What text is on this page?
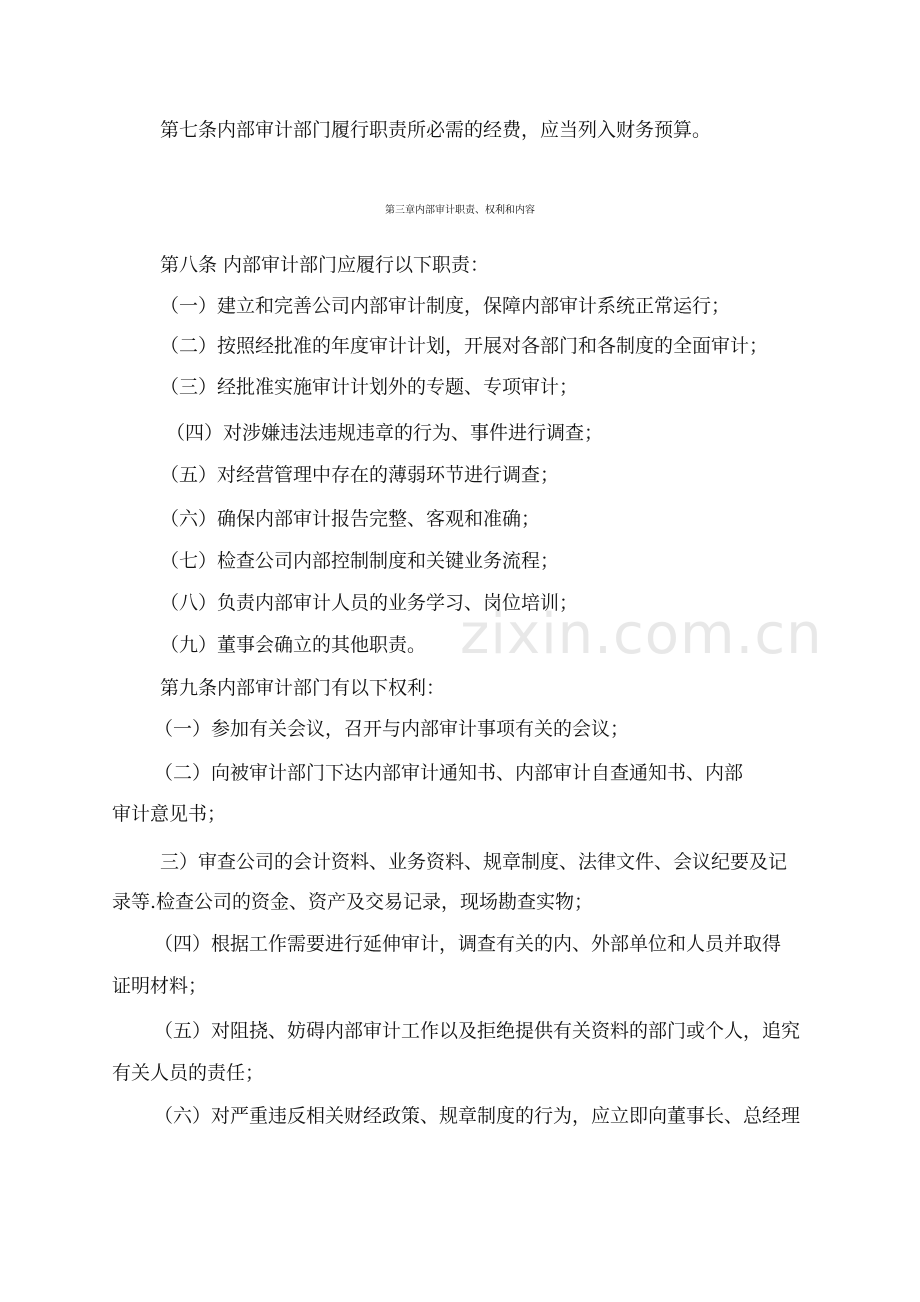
zixin.com.cn
第七条内部审计部门履行职责所必需的经费，应当列入财务预算。
第三章内部审计职责、权利和内容
第八条 内部审计部门应履行以下职责：
（一）建立和完善公司内部审计制度，保障内部审计系统正常运行；
（二）按照经批准的年度审计计划，开展对各部门和各制度的全面审计；
（三）经批准实施审计计划外的专题、专项审计；
（四）对涉嫌违法违规违章的行为、事件进行调查；
（五）对经营管理中存在的薄弱环节进行调查；
（六）确保内部审计报告完整、客观和准确；
（七）检查公司内部控制制度和关键业务流程；
（八）负责内部审计人员的业务学习、岗位培训；
（九）董事会确立的其他职责。
第九条内部审计部门有以下权利：
（一）参加有关会议，召开与内部审计事项有关的会议；
（二）向被审计部门下达内部审计通知书、内部审计自查通知书、内部
审计意见书；
三）审查公司的会计资料、业务资料、规章制度、法律文件、会议纪要及记
录等.检查公司的资金、资产及交易记录，现场勘查实物；
（四）根据工作需要进行延伸审计，调查有关的内、外部单位和人员并取得
证明材料；
（五）对阻挠、妨碍内部审计工作以及拒绝提供有关资料的部门或个人，追究
有关人员的责任；
（六）对严重违反相关财经政策、规章制度的行为，应立即向董事长、总经理
